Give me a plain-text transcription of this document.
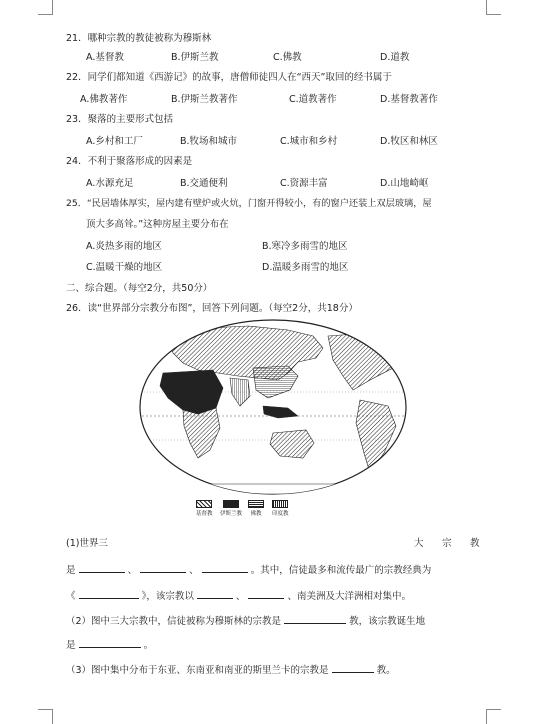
21．哪种宗教的教徒被称为穆斯林
A.基督教	B.伊斯兰教	C.佛教	D.道教
22．同学们都知道《西游记》的故事，唐僧师徒四人在“西天”取回的经书属于
A.佛教著作	B.伊斯兰教著作	C.道教著作	D.基督教著作
23．聚落的主要形式包括
A.乡村和工厂	B.牧场和城市	C.城市和乡村	D.牧区和林区
24．不利于聚落形成的因素是
A.水源充足	B.交通便利	C.资源丰富	D.山地崎岖
25．“民居墙体厚实，屋内建有壁炉或火炕，门窗开得较小，有的窗户还装上双层玻璃，屋
顶大多高耸。”这种房屋主要分布在
A.炎热多雨的地区	B.寒冷多雨雪的地区
C.温暖干燥的地区	D.温暖多雨雪的地区
二、综合题。（每空2分，共50分）
26．读“世界部分宗教分布图”，回答下列问题。（每空2分，共18分）
基督教 伊斯兰教	佛教	印度教
(1)世界三	大 宗 教
是	、	、	。其中，信徒最多和流传最广的宗教经典为
《	》，该宗教以	、	、南美洲及大洋洲相对集中。
（2）图中三大宗教中，信徒被称为穆斯林的宗教是	教，该宗教诞生地
是	。
（3）图中集中分布于东亚、东南亚和南亚的斯里兰卡的宗教是	教。
